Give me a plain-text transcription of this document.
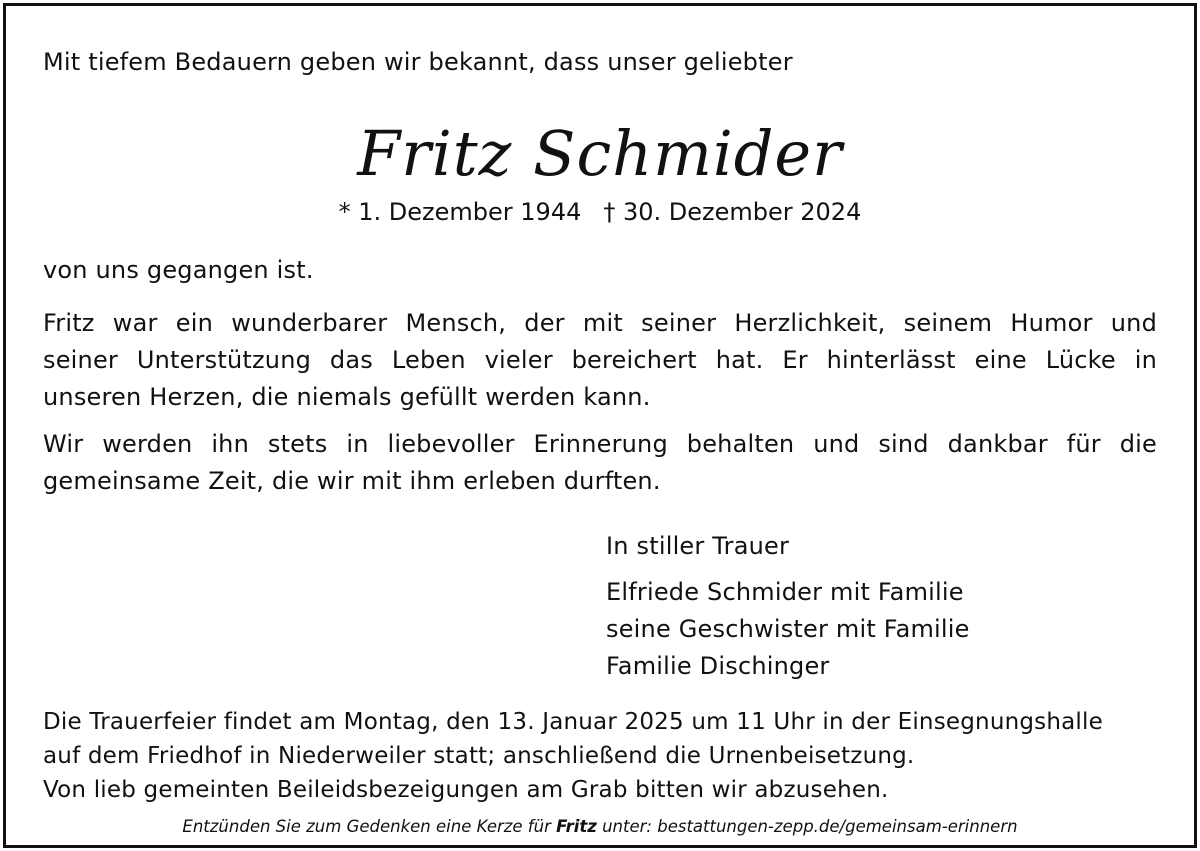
Mit tiefem Bedauern geben wir bekannt, dass unser geliebter
Fritz Schmider
* 1. Dezember 1944 † 30. Dezember 2024
von uns gegangen ist.
Fritz war ein wunderbarer Mensch, der mit seiner Herzlichkeit, seinem Humor und
seiner Unterstützung das Leben vieler bereichert hat. Er hinterlässt eine Lücke in
unseren Herzen, die niemals gefüllt werden kann.
Wir werden ihn stets in liebevoller Erinnerung behalten und sind dankbar für die
gemeinsame Zeit, die wir mit ihm erleben durften.
In stiller Trauer
Elfriede Schmider mit Familie
seine Geschwister mit Familie
Familie Dischinger
Die Trauerfeier findet am Montag, den 13. Januar 2025 um 11 Uhr in der Einsegnungshalle
auf dem Friedhof in Niederweiler statt; anschließend die Urnenbeisetzung.
Von lieb gemeinten Beileidsbezeigungen am Grab bitten wir abzusehen.
Entzünden Sie zum Gedenken eine Kerze für Fritz unter: bestattungen-zepp.de/gemeinsam-erinnern
